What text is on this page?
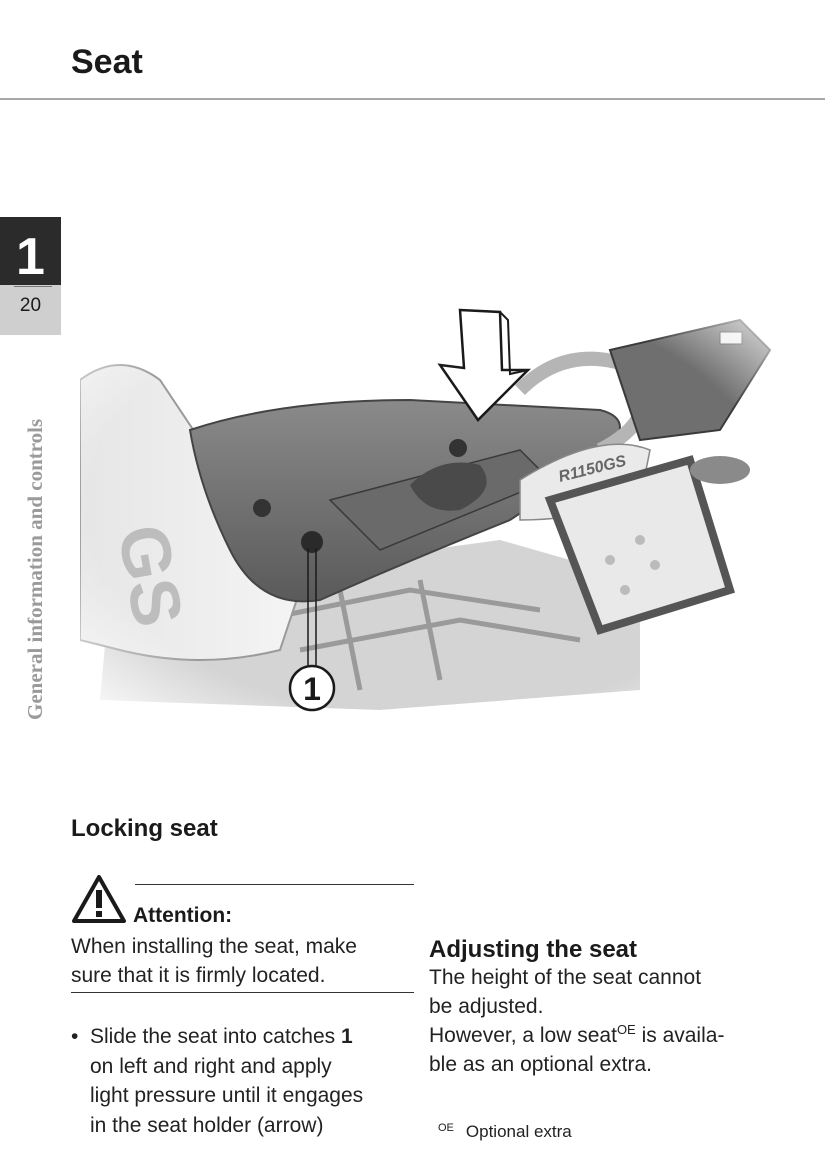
Seat
1
20
General information and controls	1
Locking seat
Attention:

When installing the seat, make

sure that it is firmly located.

• Slide the seat into catches 1
on left and right and apply
light pressure until it engages
in the seat holder (arrow)
Adjusting the seat

The height of the seat cannot

be adjusted.

However, a low seat$^{OE}$ is availa-

ble as an optional extra.

$^{OE}$ Optional extra
